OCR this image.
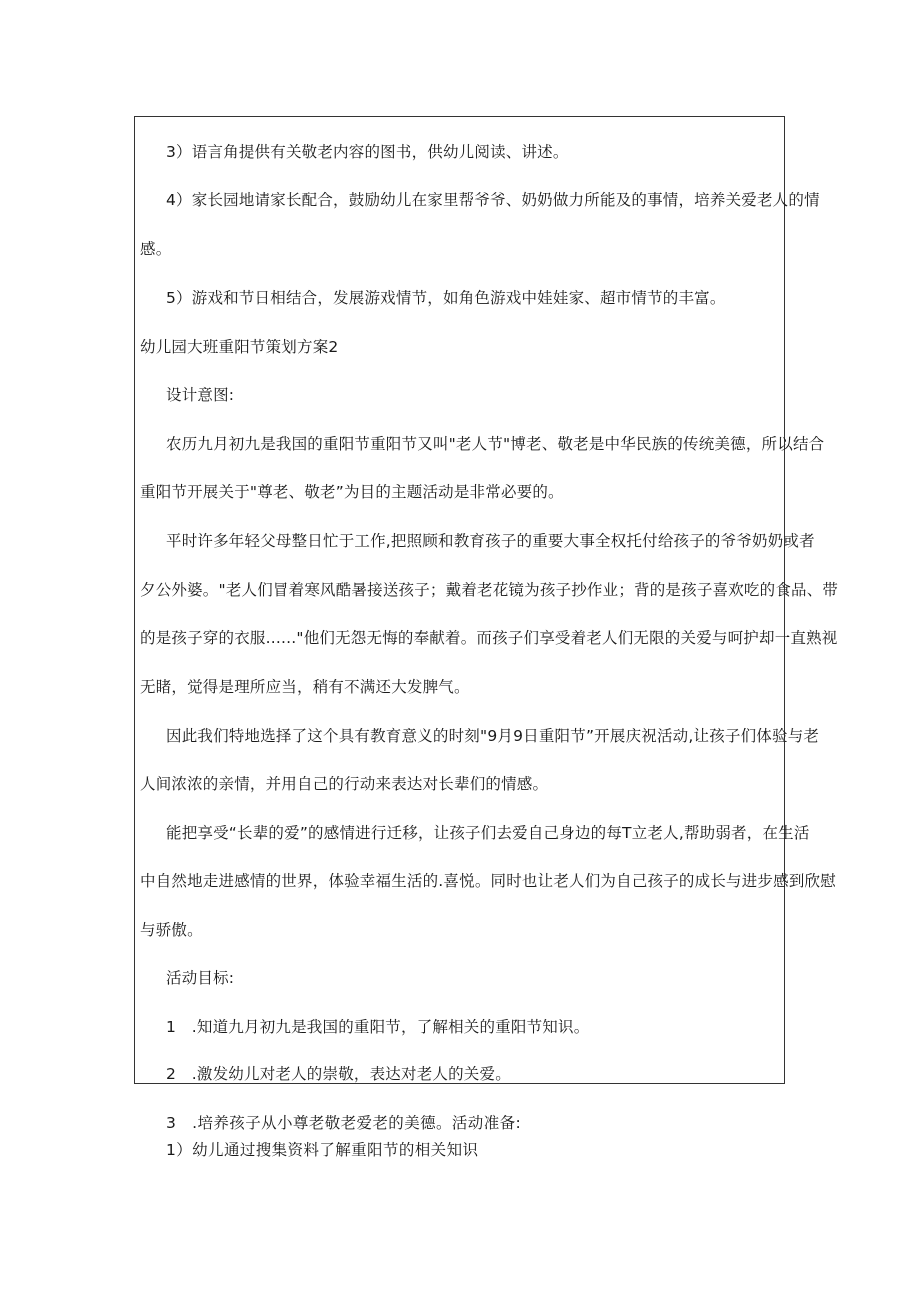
3）语言角提供有关敬老内容的图书，供幼儿阅读、讲述。
4）家长园地请家长配合，鼓励幼儿在家里帮爷爷、奶奶做力所能及的事情，培养关爱老人的情
感。
5）游戏和节日相结合，发展游戏情节，如角色游戏中娃娃家、超市情节的丰富。
幼儿园大班重阳节策划方案2
设计意图:
农历九月初九是我国的重阳节重阳节又叫"老人节"博老、敬老是中华民族的传统美德，所以结合
重阳节开展关于"尊老、敬老”为目的主题活动是非常必要的。
平时许多年轻父母整日忙于工作,把照顾和教育孩子的重要大事全权托付给孩子的爷爷奶奶或者
夕公外婆。"老人们冒着寒风酷暑接送孩子；戴着老花镜为孩子抄作业；背的是孩子喜欢吃的食品、带
的是孩子穿的衣服......"他们无怨无悔的奉献着。而孩子们享受着老人们无限的关爱与呵护却一直熟视
无睹，觉得是理所应当，稍有不满还大发脾气。
因此我们特地选择了这个具有教育意义的时刻"9月9日重阳节”开展庆祝活动,让孩子们体验与老
人间浓浓的亲情，并用自己的行动来表达对长辈们的情感。
能把享受“长辈的爱”的感情进行迁移，让孩子们去爱自己身边的每T立老人,帮助弱者，在生活
中自然地走进感情的世界，体验幸福生活的.喜悦。同时也让老人们为自己孩子的成长与进步感到欣慰
与骄傲。
活动目标:
1　.知道九月初九是我国的重阳节，了解相关的重阳节知识。
2　.激发幼儿对老人的崇敬，表达对老人的关爱。
3　.培养孩子从小尊老敬老爱老的美德。活动准备:
1）幼儿通过搜集资料了解重阳节的相关知识
